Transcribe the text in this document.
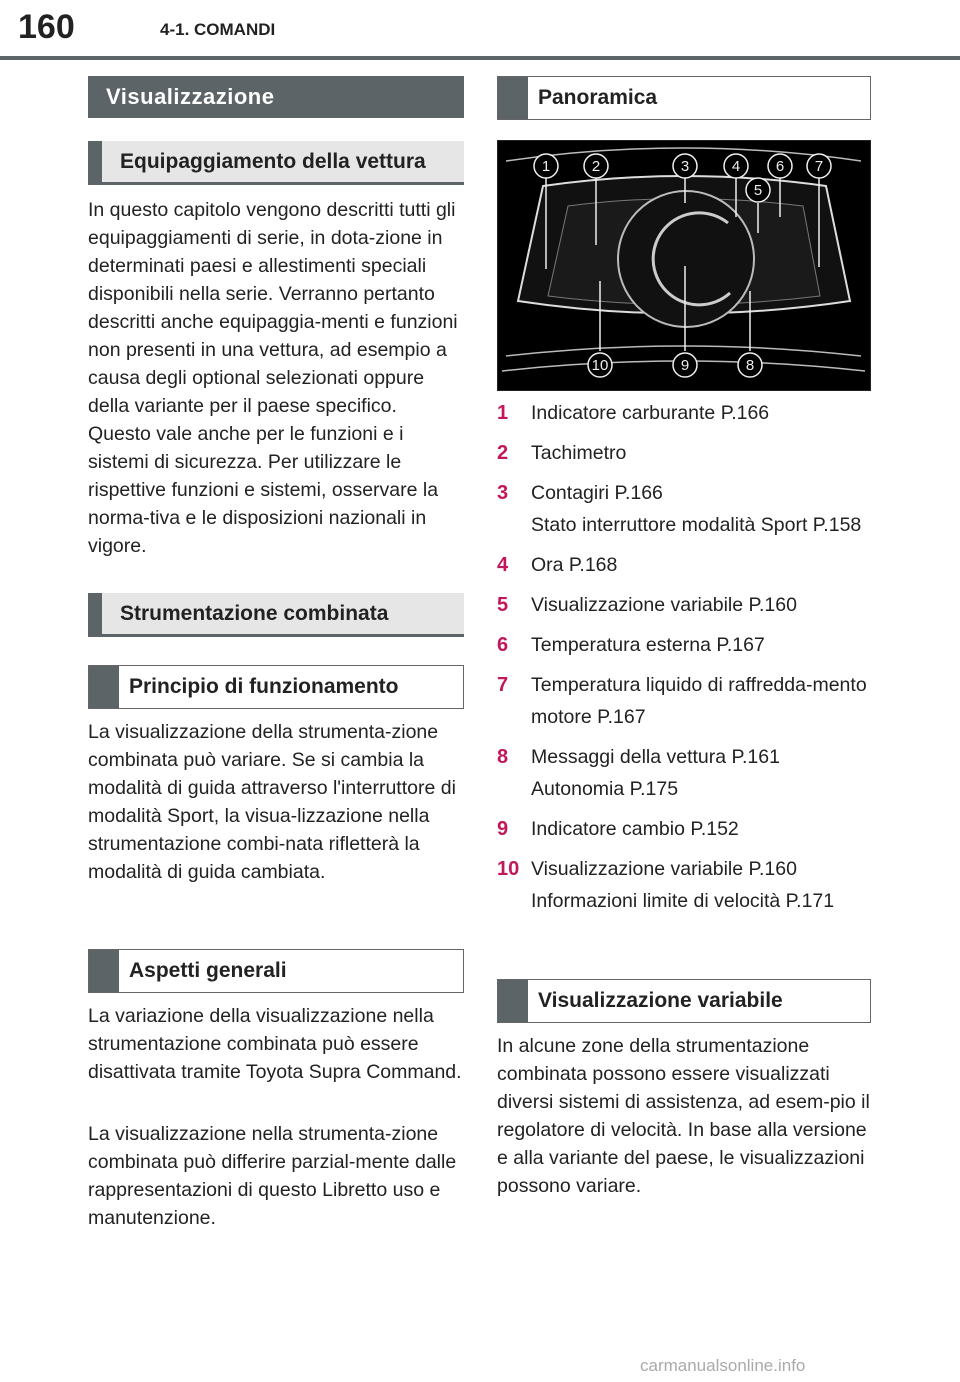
160	4-1. COMANDI
Visualizzazione
Equipaggiamento della vettura

In questo capitolo vengono descritti tutti gli equipaggiamenti di serie, in dota-zione in determinati paesi e allestimenti speciali disponibili nella serie. Verranno pertanto descritti anche equipaggia-menti e funzioni non presenti in una vettura, ad esempio a causa degli optional selezionati oppure della variante per il paese specifico. Questo vale anche per le funzioni e i sistemi di sicurezza. Per utilizzare le rispettive funzioni e sistemi, osservare la norma-tiva e le disposizioni nazionali in vigore.

Strumentazione combinata
Principio di funzionamento

La visualizzazione della strumenta-zione combinata può variare. Se si cambia la modalità di guida attraverso l'interruttore di modalità Sport, la visua-lizzazione nella strumentazione combi-nata rifletterà la modalità di guida cambiata.

Aspetti generali

La variazione della visualizzazione nella strumentazione combinata può essere disattivata tramite Toyota Supra Command.

La visualizzazione nella strumenta-zione combinata può differire parzial-mente dalle rappresentazioni di questo Libretto uso e manutenzione.

Panoramica
1	2	3	4
5
6 7
8
9
10
1 Indicatore carburante P.166
2 Tachimetro
3 Contagiri P.166
Stato interruttore modalità Sport P.158
4 Ora P.168
5 Visualizzazione variabile P.160
6 Temperatura esterna P.167
7 Temperatura liquido di raffredda-mento motore P.167
8 Messaggi della vettura P.161
Autonomia P.175
9 Indicatore cambio P.152
10 Visualizzazione variabile P.160
Informazioni limite di velocità P.171
Visualizzazione variabile

In alcune zone della strumentazione combinata possono essere visualizzati diversi sistemi di assistenza, ad esem-pio il regolatore di velocità. In base alla versione e alla variante del paese, le visualizzazioni possono variare.

carmanualsonline.info
